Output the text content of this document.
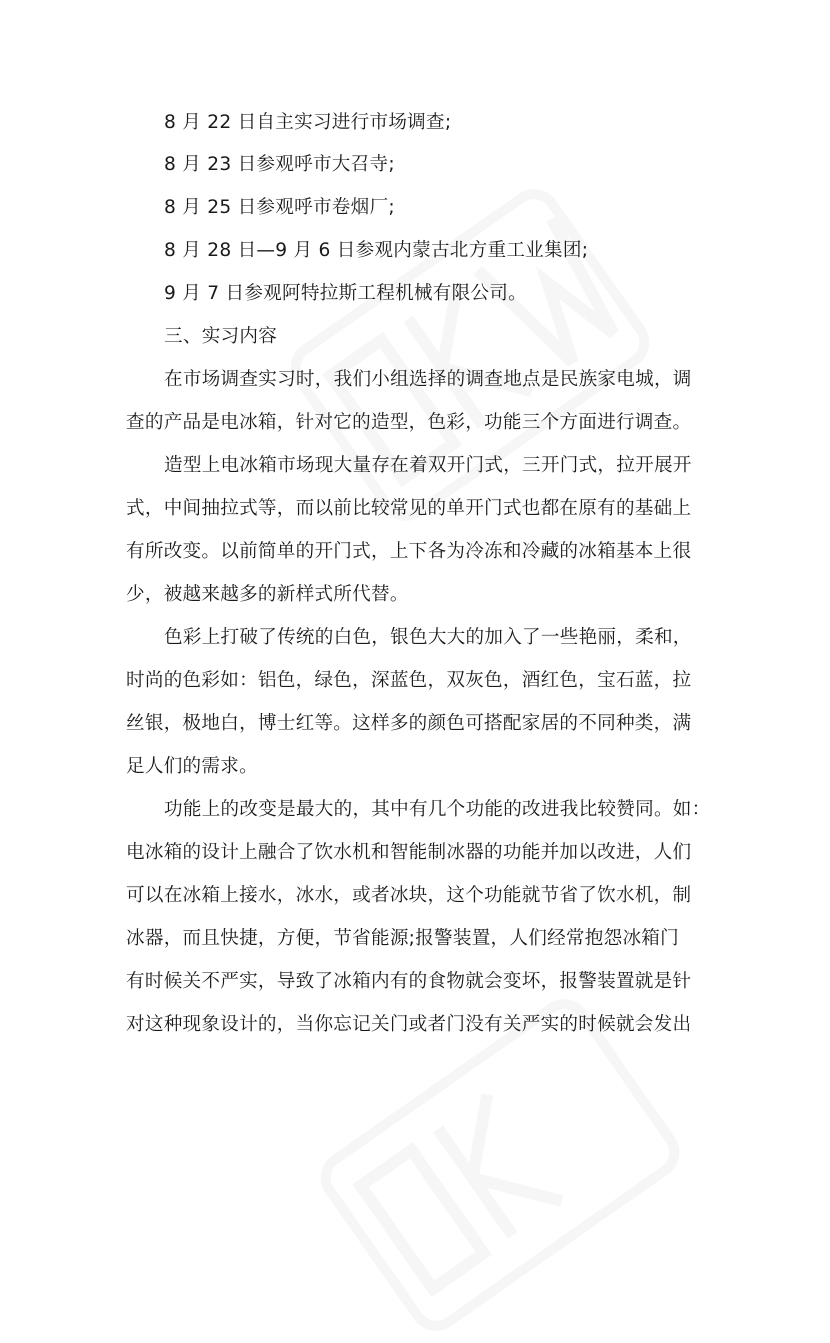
8 月 22 日自主实习进行市场调查;
8 月 23 日参观呼市大召寺;
8 月 25 日参观呼市卷烟厂;
8 月 28 日—9 月 6 日参观内蒙古北方重工业集团;
9 月 7 日参观阿特拉斯工程机械有限公司。
三、实习内容
在市场调查实习时，我们小组选择的调查地点是民族家电城，调
查的产品是电冰箱，针对它的造型，色彩，功能三个方面进行调查。
造型上电冰箱市场现大量存在着双开门式，三开门式，拉开展开
式，中间抽拉式等，而以前比较常见的单开门式也都在原有的基础上
有所改变。以前简单的开门式，上下各为冷冻和冷藏的冰箱基本上很
少，被越来越多的新样式所代替。
色彩上打破了传统的白色，银色大大的加入了一些艳丽，柔和，
时尚的色彩如：铝色，绿色，深蓝色，双灰色，酒红色，宝石蓝，拉
丝银，极地白，博士红等。这样多的颜色可搭配家居的不同种类，满
足人们的需求。
功能上的改变是最大的，其中有几个功能的改进我比较赞同。如：
电冰箱的设计上融合了饮水机和智能制冰器的功能并加以改进，人们
可以在冰箱上接水，冰水，或者冰块，这个功能就节省了饮水机，制
冰器，而且快捷，方便，节省能源;报警装置，人们经常抱怨冰箱门
有时候关不严实，导致了冰箱内有的食物就会变坏，报警装置就是针
对这种现象设计的，当你忘记关门或者门没有关严实的时候就会发出
